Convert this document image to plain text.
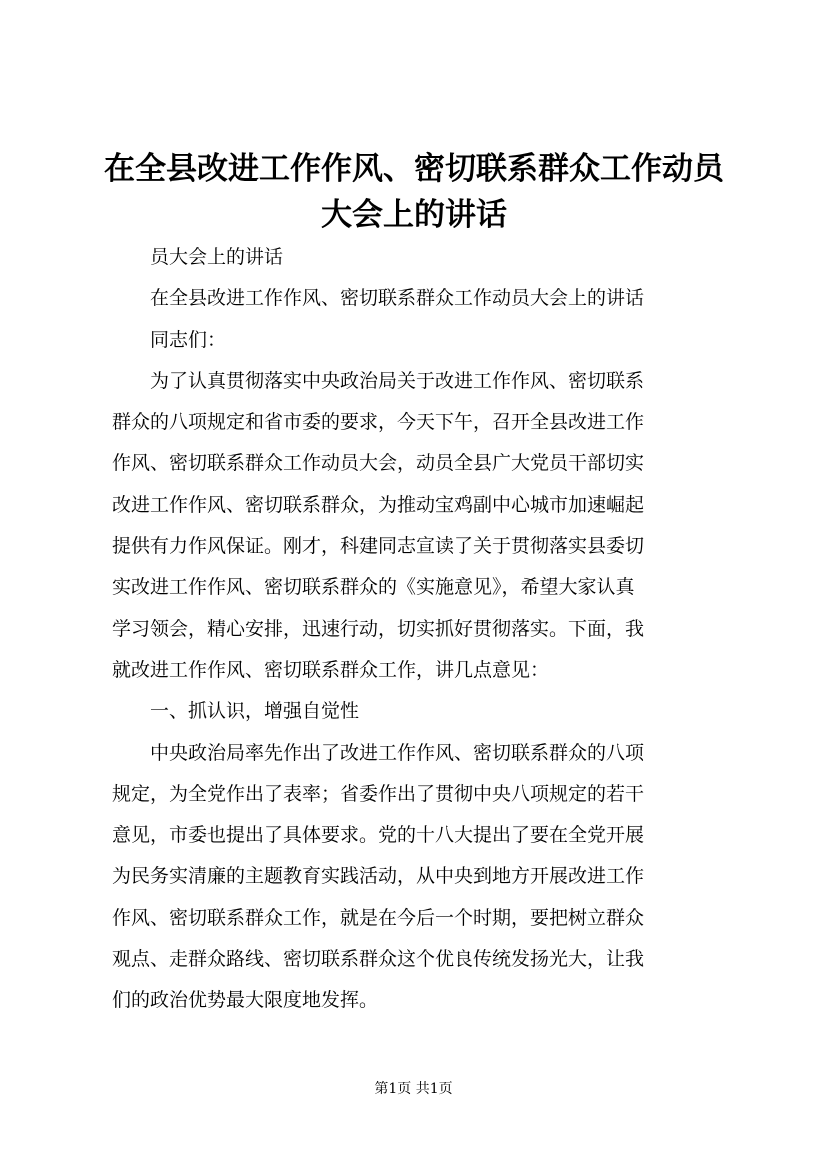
在全县改进工作作风、密切联系群众工作动员
大会上的讲话
员大会上的讲话
在全县改进工作作风、密切联系群众工作动员大会上的讲话
同志们：
为了认真贯彻落实中央政治局关于改进工作作风、密切联系
群众的八项规定和省市委的要求，今天下午，召开全县改进工作
作风、密切联系群众工作动员大会，动员全县广大党员干部切实
改进工作作风、密切联系群众，为推动宝鸡副中心城市加速崛起
提供有力作风保证。刚才，科建同志宣读了关于贯彻落实县委切
实改进工作作风、密切联系群众的《实施意见》，希望大家认真
学习领会，精心安排，迅速行动，切实抓好贯彻落实。下面，我
就改进工作作风、密切联系群众工作，讲几点意见：
一、抓认识，增强自觉性
中央政治局率先作出了改进工作作风、密切联系群众的八项
规定，为全党作出了表率；省委作出了贯彻中央八项规定的若干
意见，市委也提出了具体要求。党的十八大提出了要在全党开展
为民务实清廉的主题教育实践活动，从中央到地方开展改进工作
作风、密切联系群众工作，就是在今后一个时期，要把树立群众
观点、走群众路线、密切联系群众这个优良传统发扬光大，让我
们的政治优势最大限度地发挥。
第1页 共1页
